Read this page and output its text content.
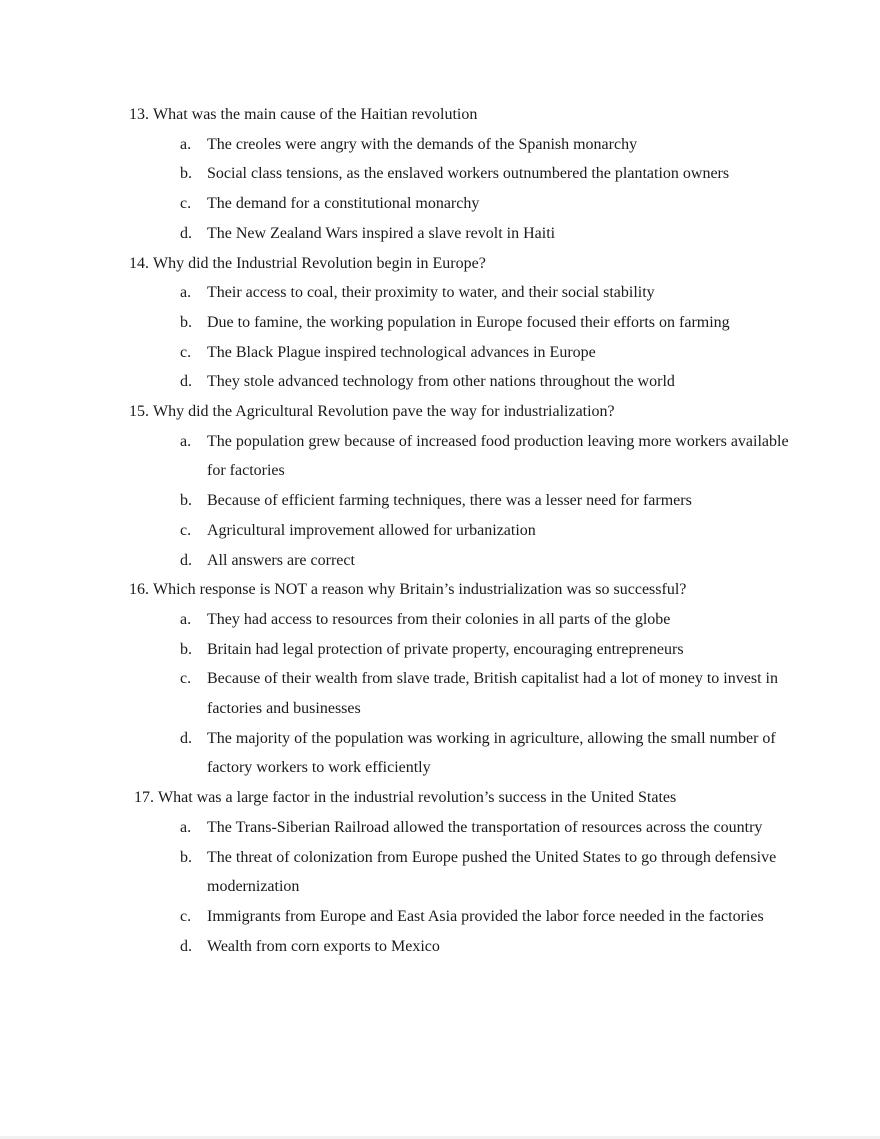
13. What was the main cause of the Haitian revolution
a. The creoles were angry with the demands of the Spanish monarchy
b. Social class tensions, as the enslaved workers outnumbered the plantation owners
c. The demand for a constitutional monarchy
d. The New Zealand Wars inspired a slave revolt in Haiti
14. Why did the Industrial Revolution begin in Europe?
a. Their access to coal, their proximity to water, and their social stability
b. Due to famine, the working population in Europe focused their efforts on farming
c. The Black Plague inspired technological advances in Europe
d. They stole advanced technology from other nations throughout the world
15. Why did the Agricultural Revolution pave the way for industrialization?
a. The population grew because of increased food production leaving more workers available for factories
b. Because of efficient farming techniques, there was a lesser need for farmers
c. Agricultural improvement allowed for urbanization
d. All answers are correct
16. Which response is NOT a reason why Britain’s industrialization was so successful?
a. They had access to resources from their colonies in all parts of the globe
b. Britain had legal protection of private property, encouraging entrepreneurs
c. Because of their wealth from slave trade, British capitalist had a lot of money to invest in factories and businesses
d. The majority of the population was working in agriculture, allowing the small number of factory workers to work efficiently
17. What was a large factor in the industrial revolution’s success in the United States
a. The Trans-Siberian Railroad allowed the transportation of resources across the country
b. The threat of colonization from Europe pushed the United States to go through defensive modernization
c. Immigrants from Europe and East Asia provided the labor force needed in the factories
d. Wealth from corn exports to Mexico
